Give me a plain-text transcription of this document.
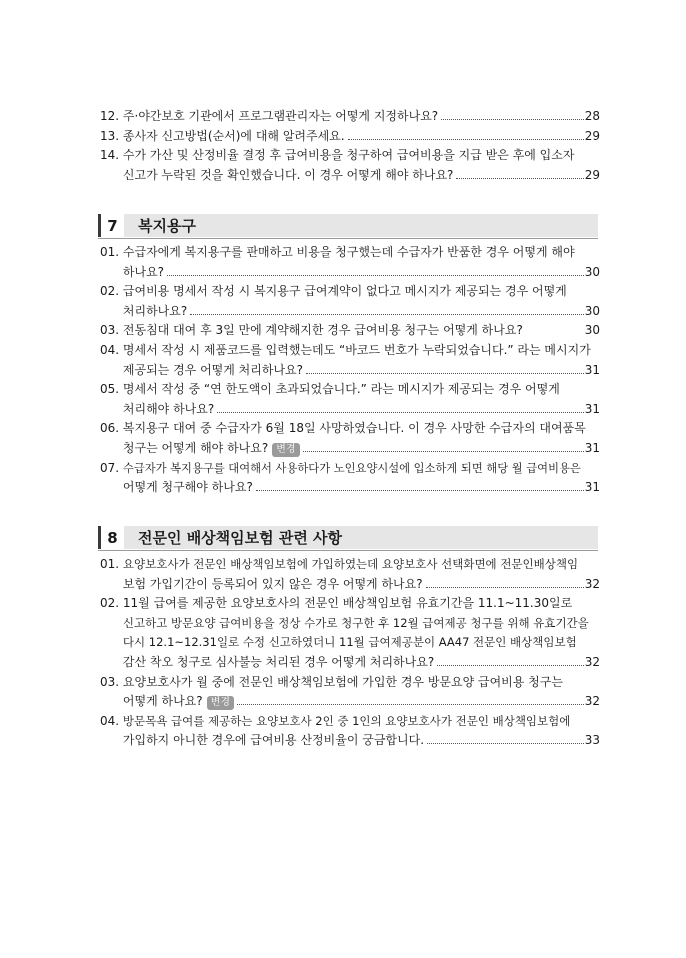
12. 주·야간보호 기관에서 프로그램관리자는 어떻게 지정하나요?	28
13. 종사자 신고방법(순서)에 대해 알려주세요.	29
14. 수가 가산 및 산정비율 결정 후 급여비용을 청구하여 급여비용을 지급 받은 후에 입소자
신고가 누락된 것을 확인했습니다. 이 경우 어떻게 해야 하나요?	29
7	복지용구
01. 수급자에게 복지용구를 판매하고 비용을 청구했는데 수급자가 반품한 경우 어떻게 해야
하나요?	30
02. 급여비용 명세서 작성 시 복지용구 급여계약이 없다고 메시지가 제공되는 경우 어떻게
처리하나요?	30
03. 전동침대 대여 후 3일 만에 계약해지한 경우 급여비용 청구는 어떻게 하나요?	30
04. 명세서 작성 시 제품코드를 입력했는데도 “바코드 번호가 누락되었습니다.” 라는 메시지가
제공되는 경우 어떻게 처리하나요?	31
05. 명세서 작성 중 “연 한도액이 초과되었습니다.” 라는 메시지가 제공되는 경우 어떻게
처리해야 하나요?	31
06. 복지용구 대여 중 수급자가 6월 18일 사망하였습니다. 이 경우 사망한 수급자의 대여품목
청구는 어떻게 해야 하나요? 변경	31
07. 수급자가 복지용구를 대여해서 사용하다가 노인요양시설에 입소하게 되면 해당 월 급여비용은
어떻게 청구해야 하나요?	31
8	전문인 배상책임보험 관련 사항
01. 요양보호사가 전문인 배상책임보험에 가입하였는데 요양보호사 선택화면에 전문인배상책임
보험 가입기간이 등록되어 있지 않은 경우 어떻게 하나요?	32
02. 11월 급여를 제공한 요양보호사의 전문인 배상책임보험 유효기간을 11.1~11.30일로
신고하고 방문요양 급여비용을 정상 수가로 청구한 후 12월 급여제공 청구를 위해 유효기간을
다시 12.1~12.31일로 수정 신고하였더니 11월 급여제공분이 AA47 전문인 배상책임보험
감산 착오 청구로 심사불능 처리된 경우 어떻게 처리하나요?	32
03. 요양보호사가 월 중에 전문인 배상책임보험에 가입한 경우 방문요양 급여비용 청구는
어떻게 하나요? 변경	32
04. 방문목욕 급여를 제공하는 요양보호사 2인 중 1인의 요양보호사가 전문인 배상책임보험에
가입하지 아니한 경우에 급여비용 산정비율이 궁금합니다.	33
